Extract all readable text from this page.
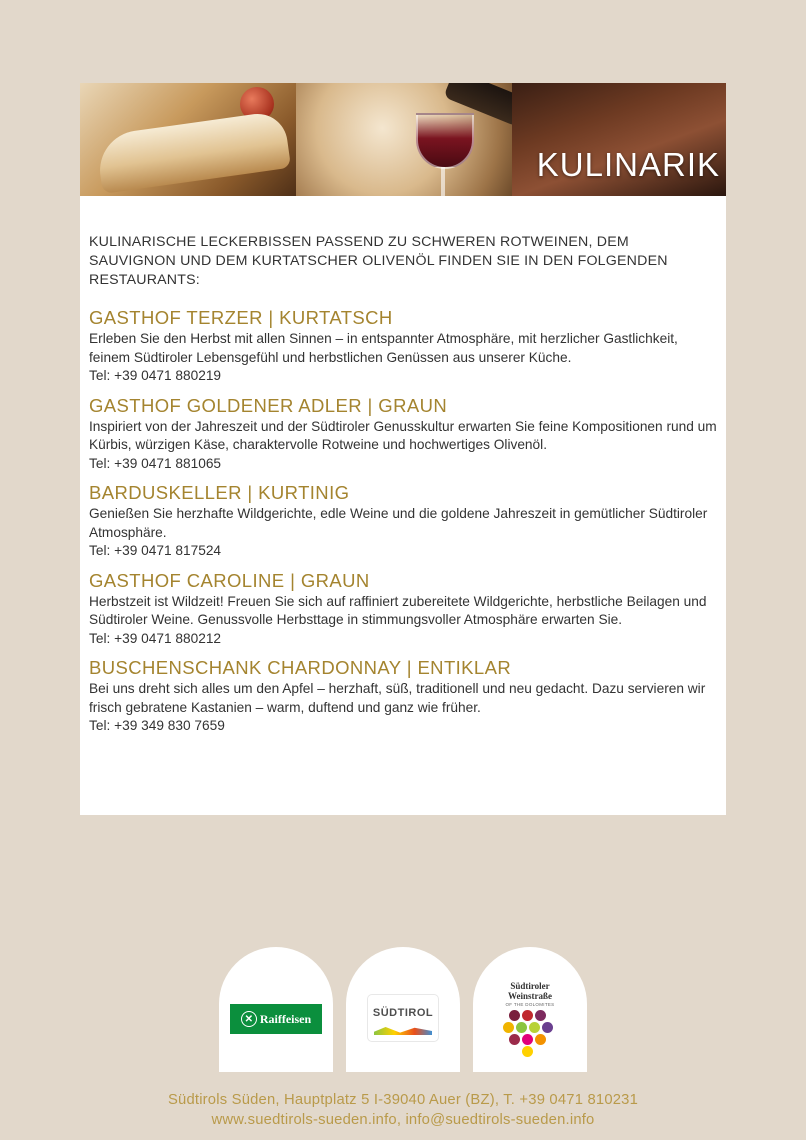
KULINARIK
KULINARISCHE LECKERBISSEN PASSEND ZU SCHWEREN ROTWEINEN, DEM SAUVIGNON UND DEM KURTATSCHER OLIVENÖL FINDEN SIE IN DEN FOLGENDEN RESTAURANTS:

GASTHOF TERZER | KURTATSCH

Erleben Sie den Herbst mit allen Sinnen – in entspannter Atmosphäre, mit herzlicher Gastlichkeit, feinem Südtiroler Lebensgefühl und herbstlichen Genüssen aus unserer Küche.

Tel: +39 0471 880219

GASTHOF GOLDENER ADLER | GRAUN

Inspiriert von der Jahreszeit und der Südtiroler Genusskultur erwarten Sie feine Kompositionen rund um Kürbis, würzigen Käse, charaktervolle Rotweine und hochwertiges Olivenöl.

Tel: +39 0471 881065

BARDUSKELLER | KURTINIG

Genießen Sie herzhafte Wildgerichte, edle Weine und die goldene Jahreszeit in gemütlicher Südtiroler Atmosphäre.

Tel: +39 0471 817524

GASTHOF CAROLINE | GRAUN

Herbstzeit ist Wildzeit! Freuen Sie sich auf raffiniert zubereitete Wildgerichte, herbstliche Beilagen und Südtiroler Weine. Genussvolle Herbsttage in stimmungsvoller Atmosphäre erwarten Sie.

Tel: +39 0471 880212

BUSCHENSCHANK CHARDONNAY | ENTIKLAR

Bei uns dreht sich alles um den Apfel – herzhaft, süß, traditionell und neu gedacht. Dazu servieren wir frisch gebratene Kastanien – warm, duftend und ganz wie früher.

Tel: +39 349 830 7659

✕ Raiffeisen	SÜDTIROL
Südtiroler
Weinstraße
OF THE DOLOMITES
Südtirols Süden, Hauptplatz 5 I-39040 Auer (BZ), T. +39 0471 810231
www.suedtirols-sueden.info, info@suedtirols-sueden.info
